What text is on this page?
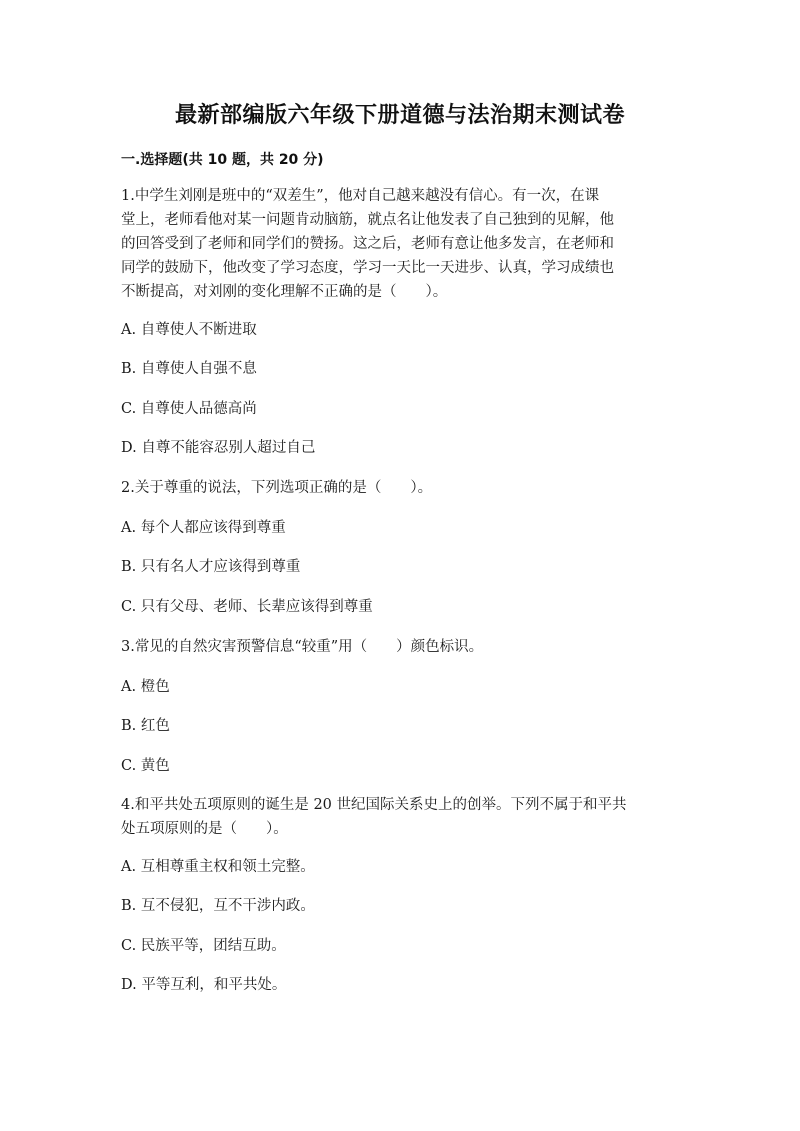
最新部编版六年级下册道德与法治期末测试卷
一.选择题(共 10 题，共 20 分)
1.中学生刘刚是班中的“双差生”，他对自己越来越没有信心。有一次，在课
堂上，老师看他对某一问题肯动脑筋，就点名让他发表了自己独到的见解，他
的回答受到了老师和同学们的赞扬。这之后，老师有意让他多发言，在老师和
同学的鼓励下，他改变了学习态度，学习一天比一天进步、认真，学习成绩也
不断提高，对刘刚的变化理解不正确的是（　　）。
A. 自尊使人不断进取
B. 自尊使人自强不息
C. 自尊使人品德高尚
D. 自尊不能容忍别人超过自己
2.关于尊重的说法，下列选项正确的是（　　）。
A. 每个人都应该得到尊重
B. 只有名人才应该得到尊重
C. 只有父母、老师、长辈应该得到尊重
3.常见的自然灾害预警信息“较重”用（　　）颜色标识。
A. 橙色
B. 红色
C. 黄色
4.和平共处五项原则的诞生是 20 世纪国际关系史上的创举。下列不属于和平共
处五项原则的是（　　）。
A. 互相尊重主权和领土完整。
B. 互不侵犯，互不干涉内政。
C. 民族平等，团结互助。
D. 平等互利，和平共处。
